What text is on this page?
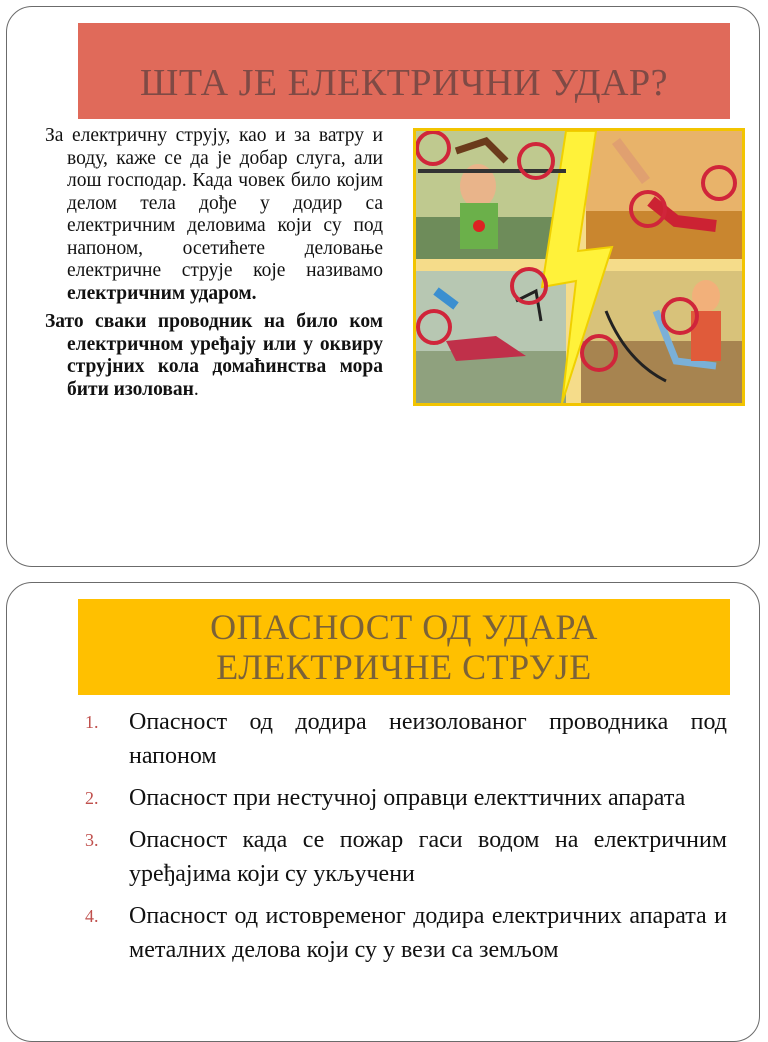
ШТА ЈЕ ЕЛЕКТРИЧНИ УДАР?

За електричну струју, као и за ватру и воду, каже се да је добар слуга, али лош господар. Када човек било којим делом тела дође у додир са електричним деловима који су под напоном, осетићете деловање електричне струје које називамо електричним ударом.

Зато сваки проводник на било ком електричном уређају или у оквиру струјних кола домаћинства мора бити изолован.

ОПАСНОСТ ОД УДАРА
ЕЛЕКТРИЧНЕ СТРУЈЕ
1.	Опасност од додира неизолованог проводника под напоном
2.	Опасност при нестучној оправци електтичних апарата
3.	Опасност када се пожар гаси водом на електричним уређајима који су укључени
4.	Опасност од истовременог додира електричних апарата и металних делова који су у вези са земљом
